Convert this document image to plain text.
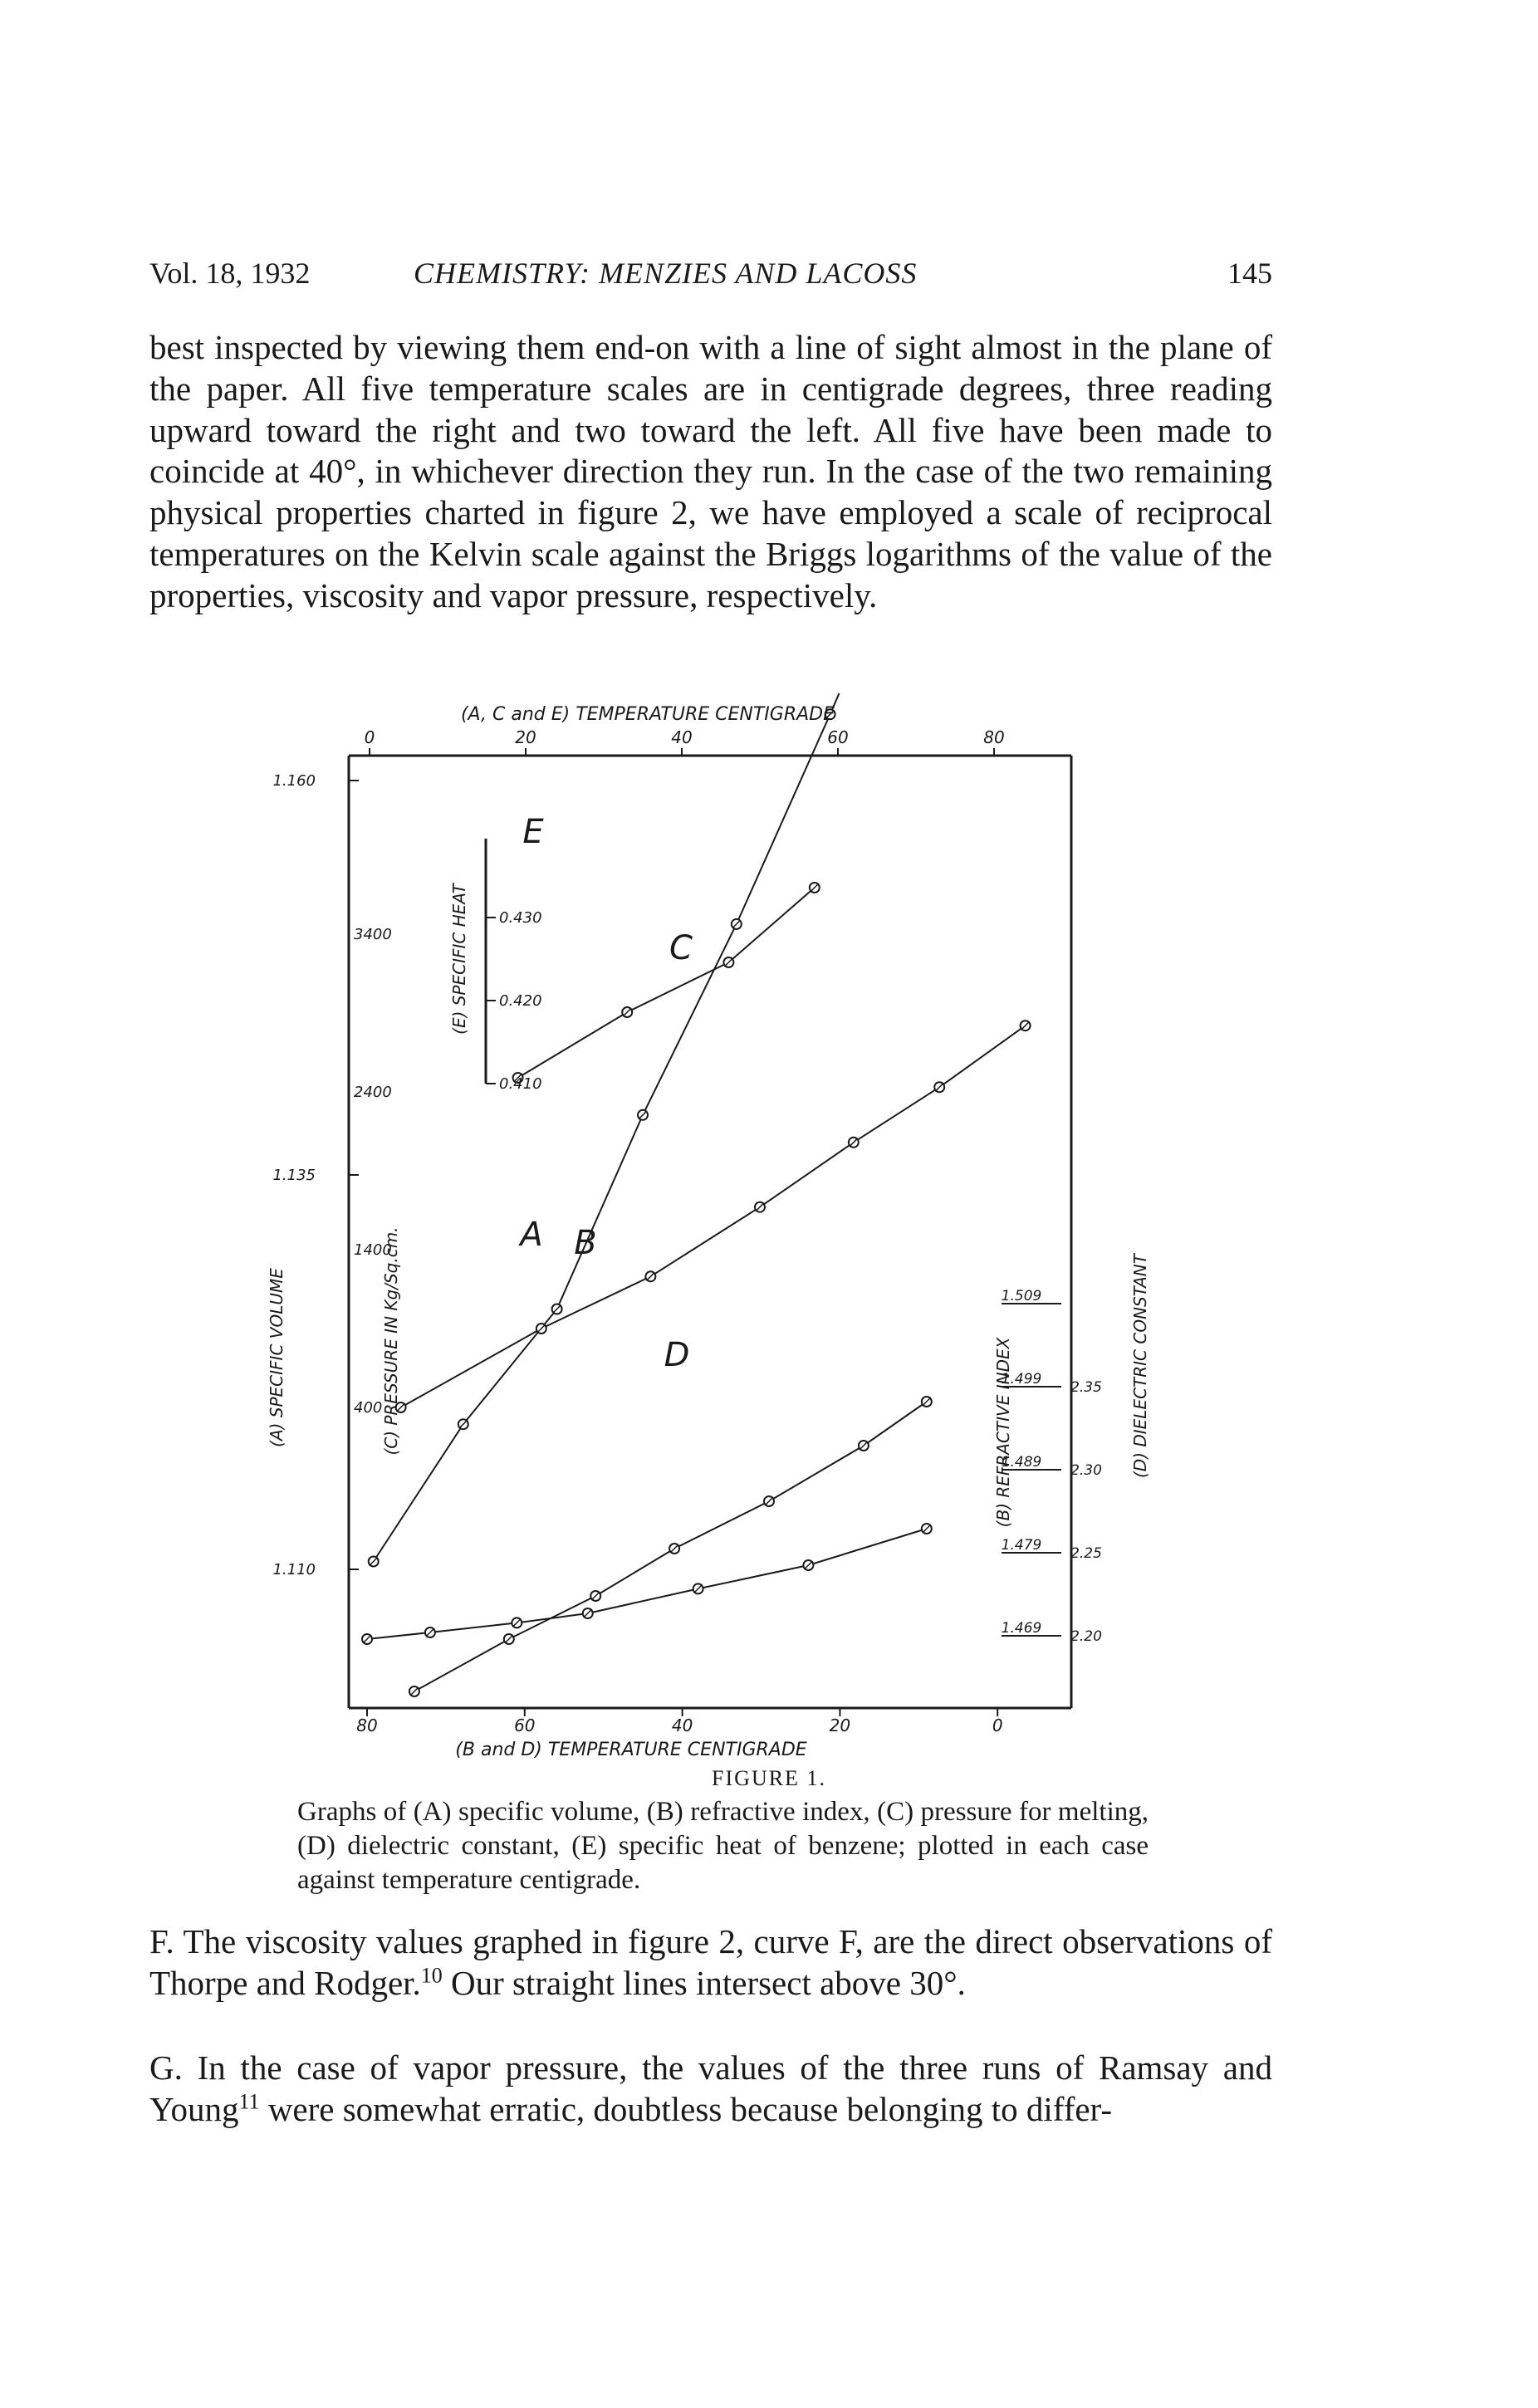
Vol. 18, 1932	CHEMISTRY: MENZIES AND LACOSS	145
best inspected by viewing them end-on with a line of sight almost in the plane of the paper. All five temperature scales are in centigrade degrees, three reading upward toward the right and two toward the left. All five have been made to coincide at 40°, in whichever direction they run. In the case of the two remaining physical properties charted in figure 2, we have employed a scale of reciprocal temperatures on the Kelvin scale against the Briggs logarithms of the value of the properties, viscosity and vapor pressure, respectively.
(A, C and E) TEMPERATURE CENTIGRADE
0	20	40	60	80
(B and D) TEMPERATURE CENTIGRADE
80	60	40	20	0
1.160
1.135
1.110
3400
2400
1400
400
(A) SPECIFIC VOLUME	(C) PRESSURE IN Kg/Sq.cm.
0.430
0.420
0.410
(E) SPECIFIC HEAT
1.509
1.499
1.489
1.479
1.469
2.35
2.30
2.25
2.20
(B) REFRACTIVE INDEX	(D) DIELECTRIC CONSTANT
A B
C
D
E
FIGURE 1.
Graphs of (A) specific volume, (B) refractive index, (C) pressure for melting, (D) dielectric constant, (E) specific heat of benzene; plotted in each case against temperature centigrade.
F. The viscosity values graphed in figure 2, curve F, are the direct observations of Thorpe and Rodger.$^{10}$ Our straight lines intersect above 30°.
G. In the case of vapor pressure, the values of the three runs of Ramsay and Young$^{11}$ were somewhat erratic, doubtless because belonging to differ-
